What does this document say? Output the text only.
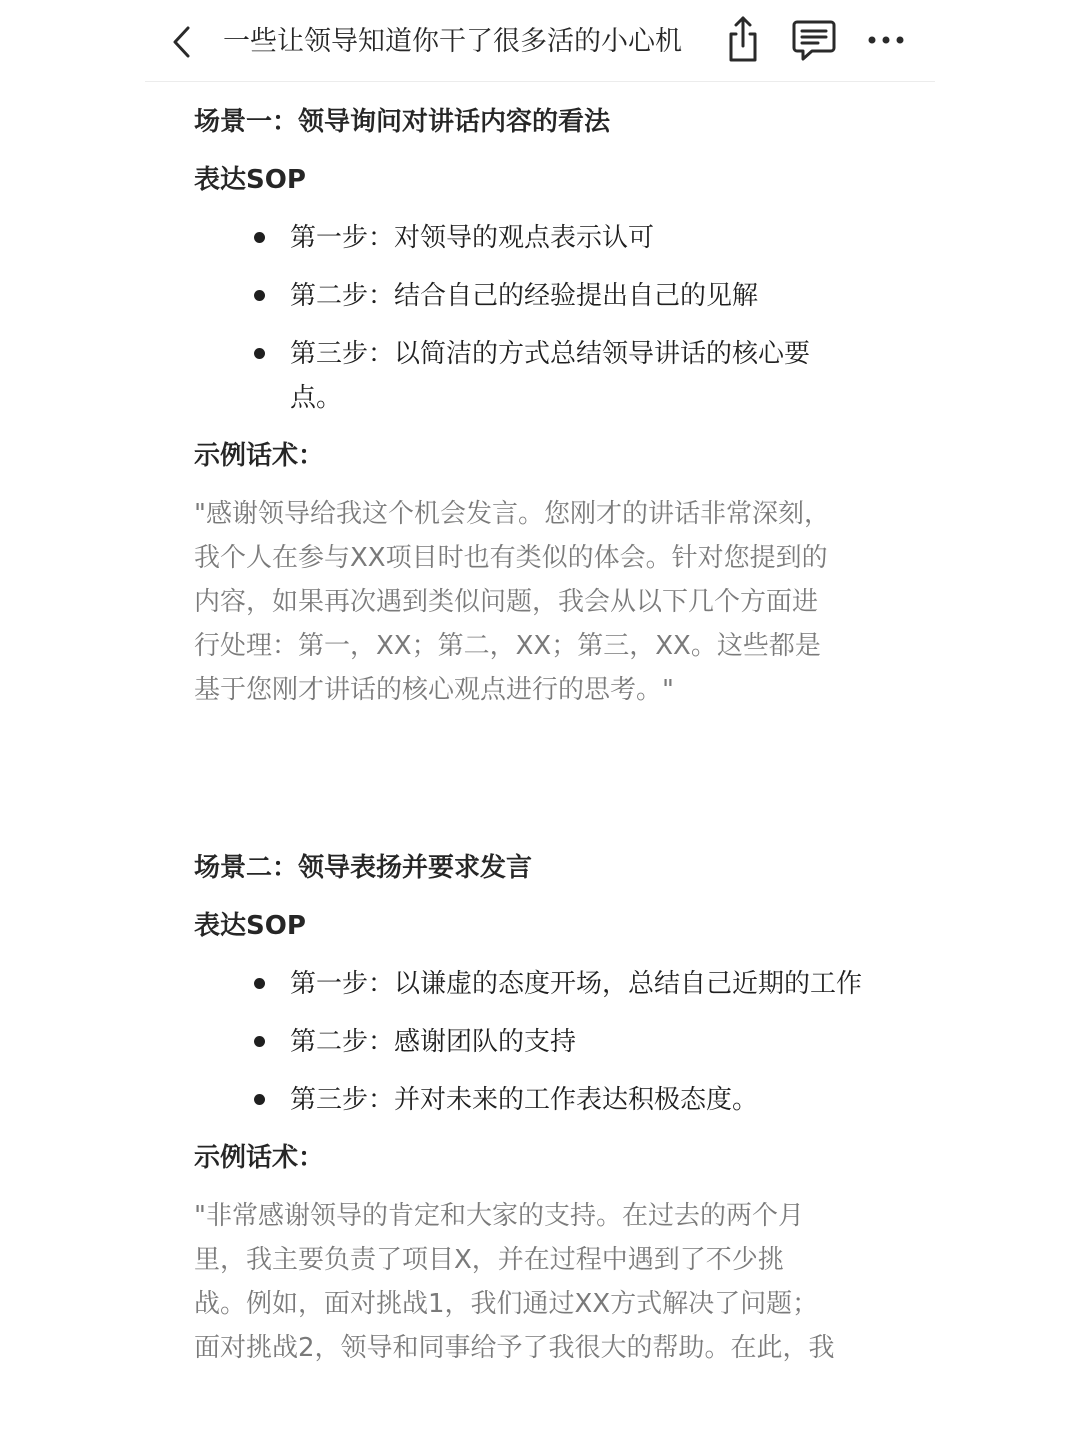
一些让领导知道你干了很多活的小心机
场景一：领导询问对讲话内容的看法
表达SOP
第一步：对领导的观点表示认可
第二步：结合自己的经验提出自己的见解
第三步：以简洁的方式总结领导讲话的核心要点。
示例话术：
"感谢领导给我这个机会发言。您刚才的讲话非常深刻，
我个人在参与XX项目时也有类似的体会。针对您提到的
内容，如果再次遇到类似问题，我会从以下几个方面进
行处理：第一，XX；第二，XX；第三，XX。这些都是
基于您刚才讲话的核心观点进行的思考。"
场景二：领导表扬并要求发言
表达SOP
第一步：以谦虚的态度开场，总结自己近期的工作
第二步：感谢团队的支持
第三步：并对未来的工作表达积极态度。
示例话术：
"非常感谢领导的肯定和大家的支持。在过去的两个月
里，我主要负责了项目X，并在过程中遇到了不少挑
战。例如，面对挑战1，我们通过XX方式解决了问题；
面对挑战2，领导和同事给予了我很大的帮助。在此，我
